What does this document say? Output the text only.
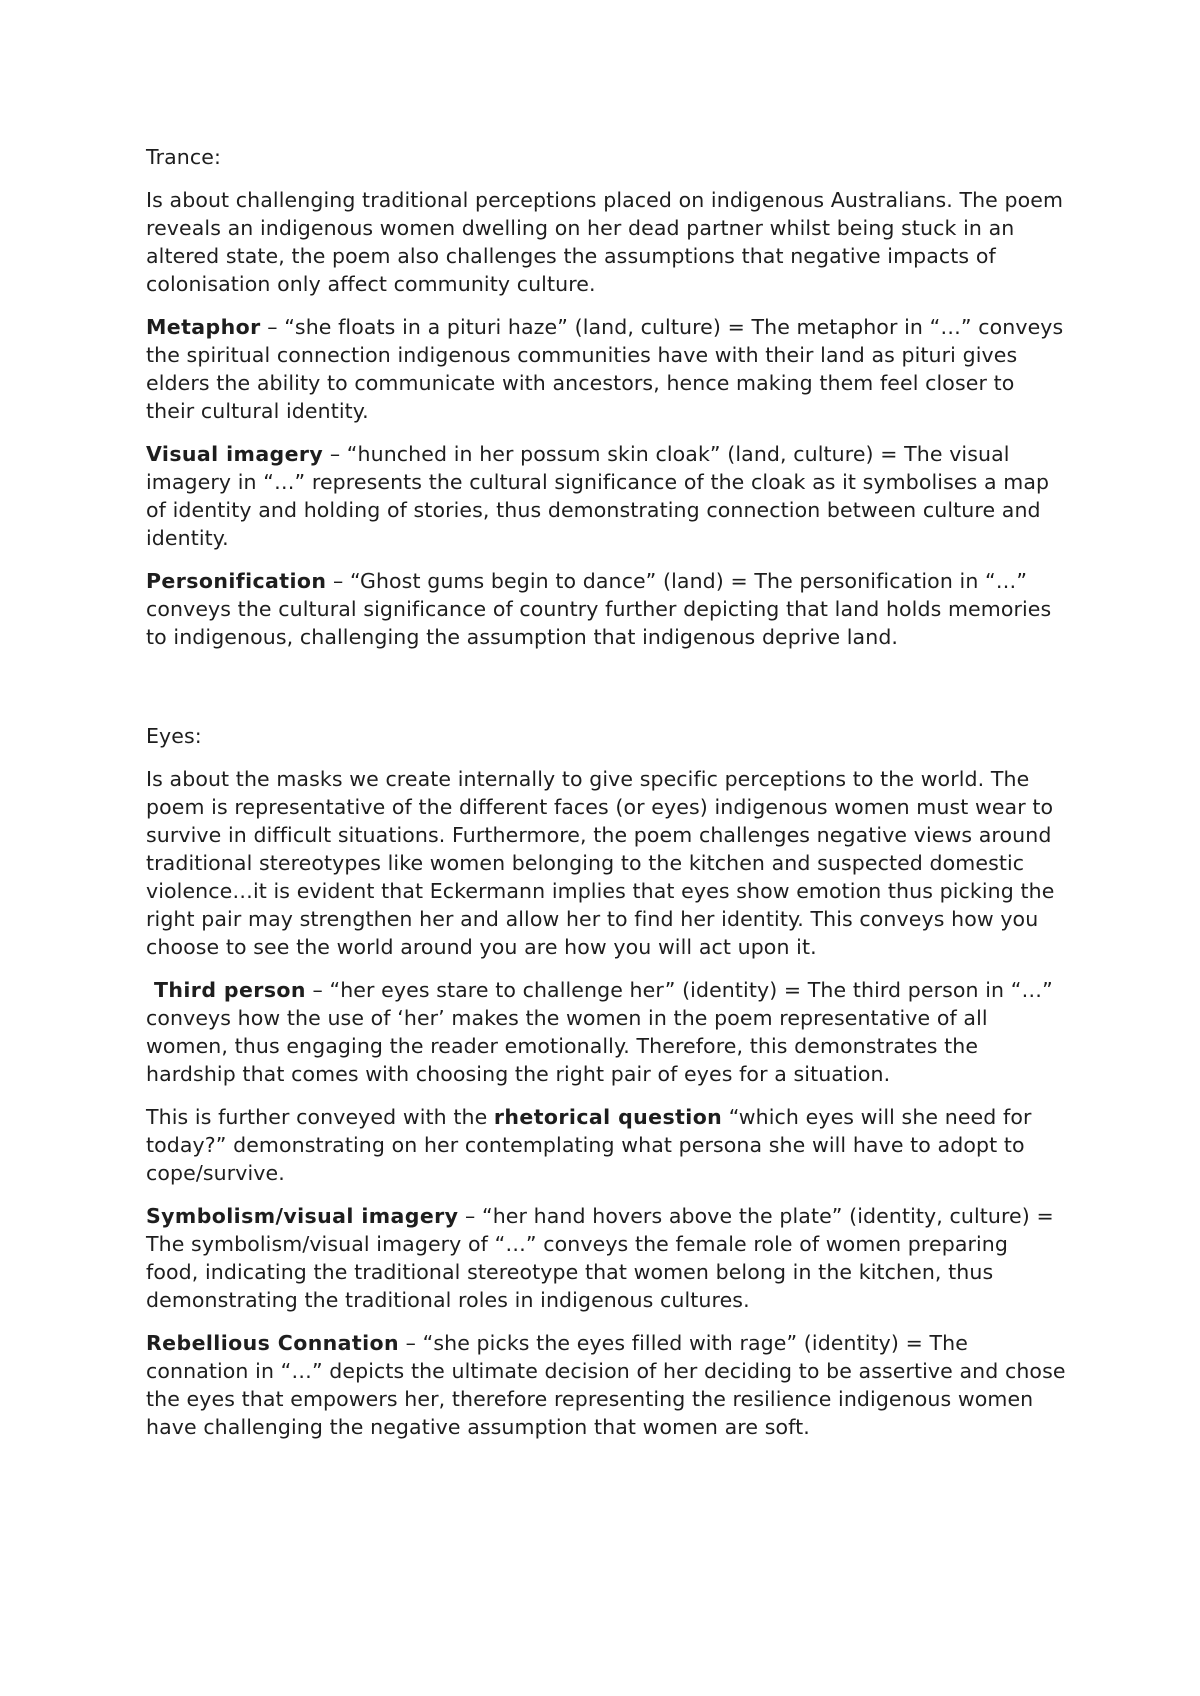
Trance:
Is about challenging traditional perceptions placed on indigenous Australians. The poem reveals an indigenous women dwelling on her dead partner whilst being stuck in an altered state, the poem also challenges the assumptions that negative impacts of colonisation only affect community culture.
Metaphor – “she floats in a pituri haze” (land, culture) = The metaphor in “…” conveys the spiritual connection indigenous communities have with their land as pituri gives elders the ability to communicate with ancestors, hence making them feel closer to their cultural identity.
Visual imagery – “hunched in her possum skin cloak” (land, culture) = The visual imagery in “…” represents the cultural significance of the cloak as it symbolises a map of identity and holding of stories, thus demonstrating connection between culture and identity.
Personification – “Ghost gums begin to dance” (land) = The personification in “…” conveys the cultural significance of country further depicting that land holds memories to indigenous, challenging the assumption that indigenous deprive land.
Eyes:
Is about the masks we create internally to give specific perceptions to the world. The poem is representative of the different faces (or eyes) indigenous women must wear to survive in difficult situations. Furthermore, the poem challenges negative views around traditional stereotypes like women belonging to the kitchen and suspected domestic violence…it is evident that Eckermann implies that eyes show emotion thus picking the right pair may strengthen her and allow her to find her identity. This conveys how you choose to see the world around you are how you will act upon it.
Third person – “her eyes stare to challenge her” (identity) = The third person in “…” conveys how the use of ‘her’ makes the women in the poem representative of all women, thus engaging the reader emotionally. Therefore, this demonstrates the hardship that comes with choosing the right pair of eyes for a situation.
This is further conveyed with the rhetorical question “which eyes will she need for today?” demonstrating on her contemplating what persona she will have to adopt to cope/survive.
Symbolism/visual imagery – “her hand hovers above the plate” (identity, culture) = The symbolism/visual imagery of “…” conveys the female role of women preparing food, indicating the traditional stereotype that women belong in the kitchen, thus demonstrating the traditional roles in indigenous cultures.
Rebellious Connation – “she picks the eyes filled with rage” (identity) = The connation in “…” depicts the ultimate decision of her deciding to be assertive and chose the eyes that empowers her, therefore representing the resilience indigenous women have challenging the negative assumption that women are soft.
